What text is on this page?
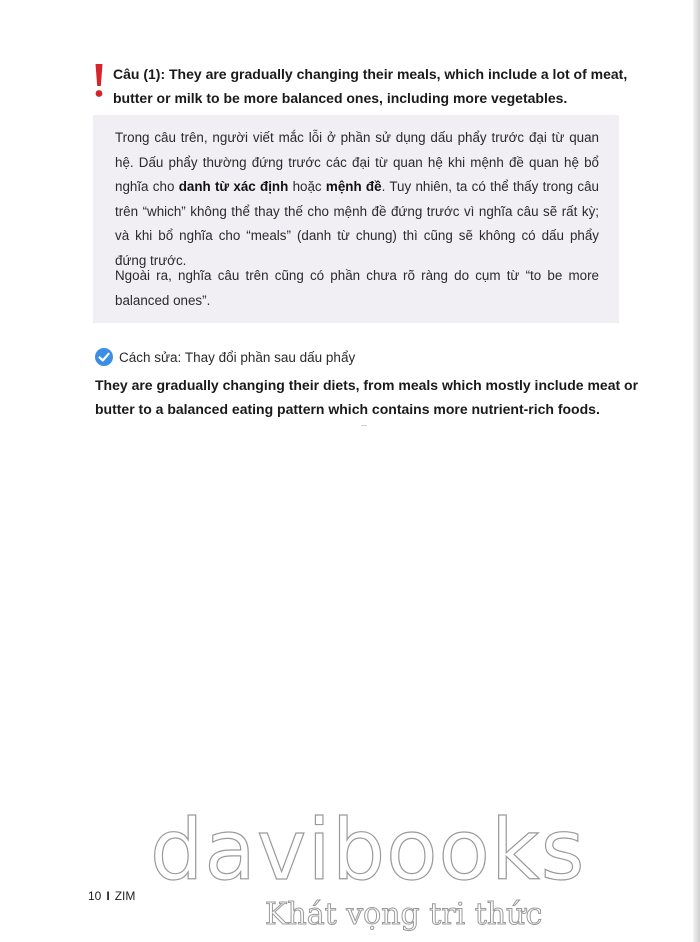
Câu (1): They are gradually changing their meals, which include a lot of meat, butter or milk to be more balanced ones, including more vegetables.

Trong câu trên, người viết mắc lỗi ở phần sử dụng dấu phẩy trước đại từ quan hệ. Dấu phẩy thường đứng trước các đại từ quan hệ khi mệnh đề quan hệ bổ nghĩa cho danh từ xác định hoặc mệnh đề. Tuy nhiên, ta có thể thấy trong câu trên “which” không thể thay thế cho mệnh đề đứng trước vì nghĩa câu sẽ rất kỳ; và khi bổ nghĩa cho “meals” (danh từ chung) thì cũng sẽ không có dấu phẩy đứng trước.

Ngoài ra, nghĩa câu trên cũng có phần chưa rõ ràng do cụm từ “to be more balanced ones”.

Cách sửa: Thay đổi phần sau dấu phẩy

They are gradually changing their diets, from meals which mostly include meat or butter to a balanced eating pattern which contains more nutrient-rich foods.

davibooks
Khát vọng tri thức
10 I ZIM
